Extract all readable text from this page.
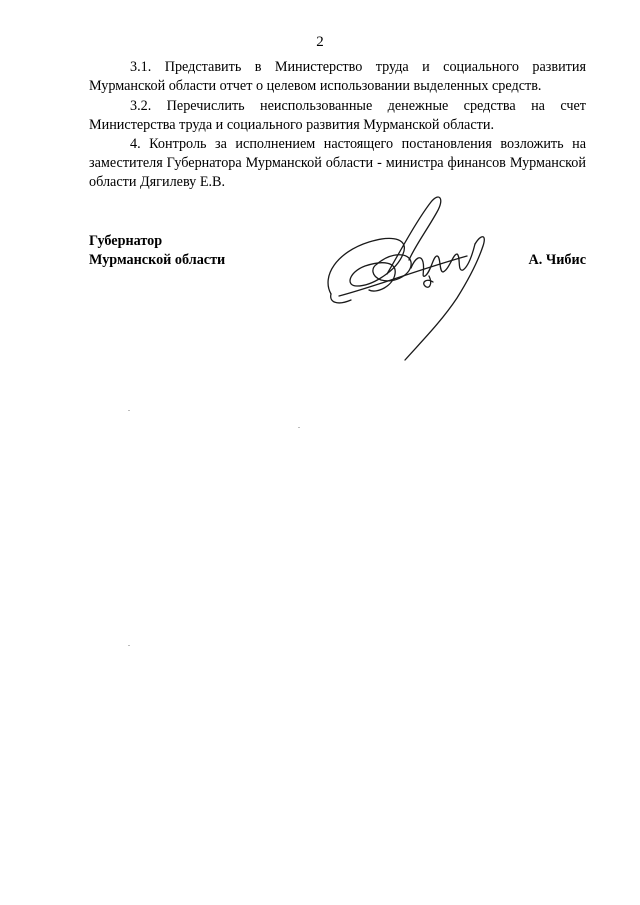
2

3.1. Представить в Министерство труда и социального развития Мурманской области отчет о целевом использовании выделенных средств.

3.2. Перечислить неиспользованные денежные средства на счет Министерства труда и социального развития Мурманской области.

4. Контроль за исполнением настоящего постановления возложить на заместителя Губернатора Мурманской области - министра финансов Мурманской области Дягилеву Е.В.

Губернатор
Мурманской области	А. Чибис
